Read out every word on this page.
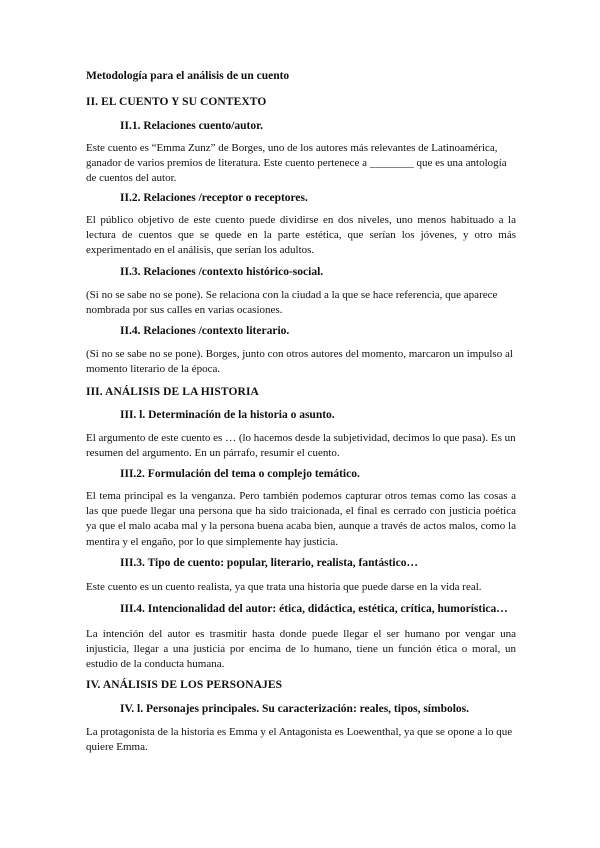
Metodología para el análisis de un cuento
II. EL CUENTO Y SU CONTEXTO
II.1. Relaciones cuento/autor.
Este cuento es “Emma Zunz” de Borges, uno de los autores más relevantes de Latinoamérica, ganador de varios premios de literatura. Este cuento pertenece a ________ que es una antología de cuentos del autor.
II.2. Relaciones /receptor o receptores.
El público objetivo de este cuento puede dividirse en dos niveles, uno menos habituado a la lectura de cuentos que se quede en la parte estética, que serían los jóvenes, y otro más experimentado en el análisis, que serían los adultos.
II.3. Relaciones /contexto histórico-social.
(Si no se sabe no se pone). Se relaciona con la ciudad a la que se hace referencia, que aparece nombrada por sus calles en varias ocasiones.
II.4. Relaciones /contexto literario.
(Si no se sabe no se pone). Borges, junto con otros autores del momento, marcaron un impulso al momento literario de la época.
III. ANÁLISIS DE LA HISTORIA
III. l. Determinación de la historia o asunto.
El argumento de este cuento es … (lo hacemos desde la subjetividad, decimos lo que pasa). Es un resumen del argumento. En un párrafo, resumir el cuento.
III.2. Formulación del tema o complejo temático.
El tema principal es la venganza. Pero también podemos capturar otros temas como las cosas a las que puede llegar una persona que ha sido traicionada, el final es cerrado con justicia poética ya que el malo acaba mal y la persona buena acaba bien, aunque a través de actos malos, como la mentira y el engaño, por lo que simplemente hay justicia.
III.3. Tipo de cuento: popular, literario, realista, fantástico…
Este cuento es un cuento realista, ya que trata una historia que puede darse en la vida real.
III.4. Intencionalidad del autor: ética, didáctica, estética, crítica, humorística…
La intención del autor es trasmitir hasta donde puede llegar el ser humano por vengar una injusticia, llegar a una justicia por encima de lo humano, tiene un función ética o moral, un estudio de la conducta humana.
IV. ANÁLISIS DE LOS PERSONAJES
IV. l. Personajes principales. Su caracterización: reales, tipos, símbolos.
La protagonista de la historia es Emma y el Antagonista es Loewenthal, ya que se opone a lo que quiere Emma.
